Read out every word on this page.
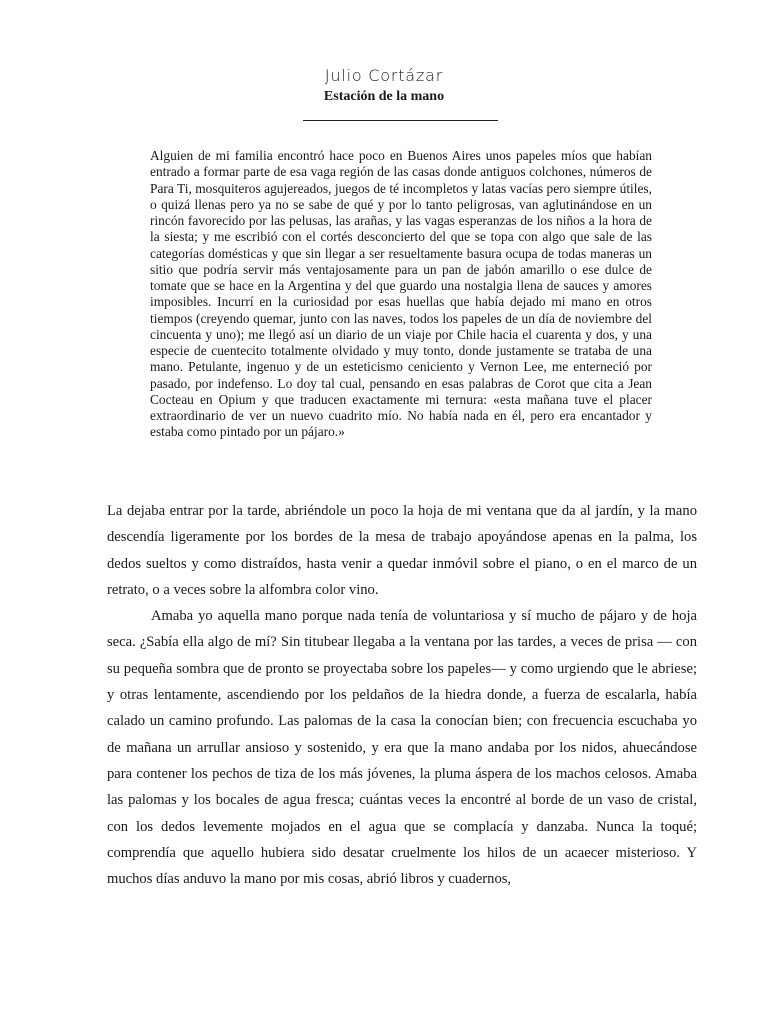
Julio Cortázar
Estación de la mano
Alguien de mi familia encontró hace poco en Buenos Aires unos papeles míos que habían entrado a formar parte de esa vaga región de las casas donde antiguos colchones, números de Para Ti, mosquiteros agujereados, juegos de té incompletos y latas vacías pero siempre útiles, o quizá llenas pero ya no se sabe de qué y por lo tanto peligrosas, van aglutinándose en un rincón favorecido por las pelusas, las arañas, y las vagas esperanzas de los niños a la hora de la siesta; y me escribió con el cortés desconcierto del que se topa con algo que sale de las categorías domésticas y que sin llegar a ser resueltamente basura ocupa de todas maneras un sitio que podría servir más ventajosamente para un pan de jabón amarillo o ese dulce de tomate que se hace en la Argentina y del que guardo una nostalgia llena de sauces y amores imposibles. Incurrí en la curiosidad por esas huellas que había dejado mi mano en otros tiempos (creyendo quemar, junto con las naves, todos los papeles de un día de noviembre del cincuenta y uno); me llegó así un diario de un viaje por Chile hacia el cuarenta y dos, y una especie de cuentecito totalmente olvidado y muy tonto, donde justamente se trataba de una mano. Petulante, ingenuo y de un esteticismo ceniciento y Vernon Lee, me enterneció por pasado, por indefenso. Lo doy tal cual, pensando en esas palabras de Corot que cita a Jean Cocteau en Opium y que traducen exactamente mi ternura: «esta mañana tuve el placer extraordinario de ver un nuevo cuadrito mío. No había nada en él, pero era encantador y estaba como pintado por un pájaro.»

La dejaba entrar por la tarde, abriéndole un poco la hoja de mi ventana que da al jardín, y la mano descendía ligeramente por los bordes de la mesa de trabajo apoyándose apenas en la palma, los dedos sueltos y como distraídos, hasta venir a quedar inmóvil sobre el piano, o en el marco de un retrato, o a veces sobre la alfombra color vino.

Amaba yo aquella mano porque nada tenía de voluntariosa y sí mucho de pájaro y de hoja seca. ¿Sabía ella algo de mí? Sin titubear llegaba a la ventana por las tardes, a veces de prisa — con su pequeña sombra que de pronto se proyectaba sobre los papeles— y como urgiendo que le abriese; y otras lentamente, ascendiendo por los peldaños de la hiedra donde, a fuerza de escalarla, había calado un camino profundo. Las palomas de la casa la conocían bien; con frecuencia escuchaba yo de mañana un arrullar ansioso y sostenido, y era que la mano andaba por los nidos, ahuecándose para contener los pechos de tiza de los más jóvenes, la pluma áspera de los machos celosos. Amaba las palomas y los bocales de agua fresca; cuántas veces la encontré al borde de un vaso de cristal, con los dedos levemente mojados en el agua que se complacía y danzaba. Nunca la toqué; comprendía que aquello hubiera sido desatar cruelmente los hilos de un acaecer misterioso. Y muchos días anduvo la mano por mis cosas, abrió libros y cuadernos,
